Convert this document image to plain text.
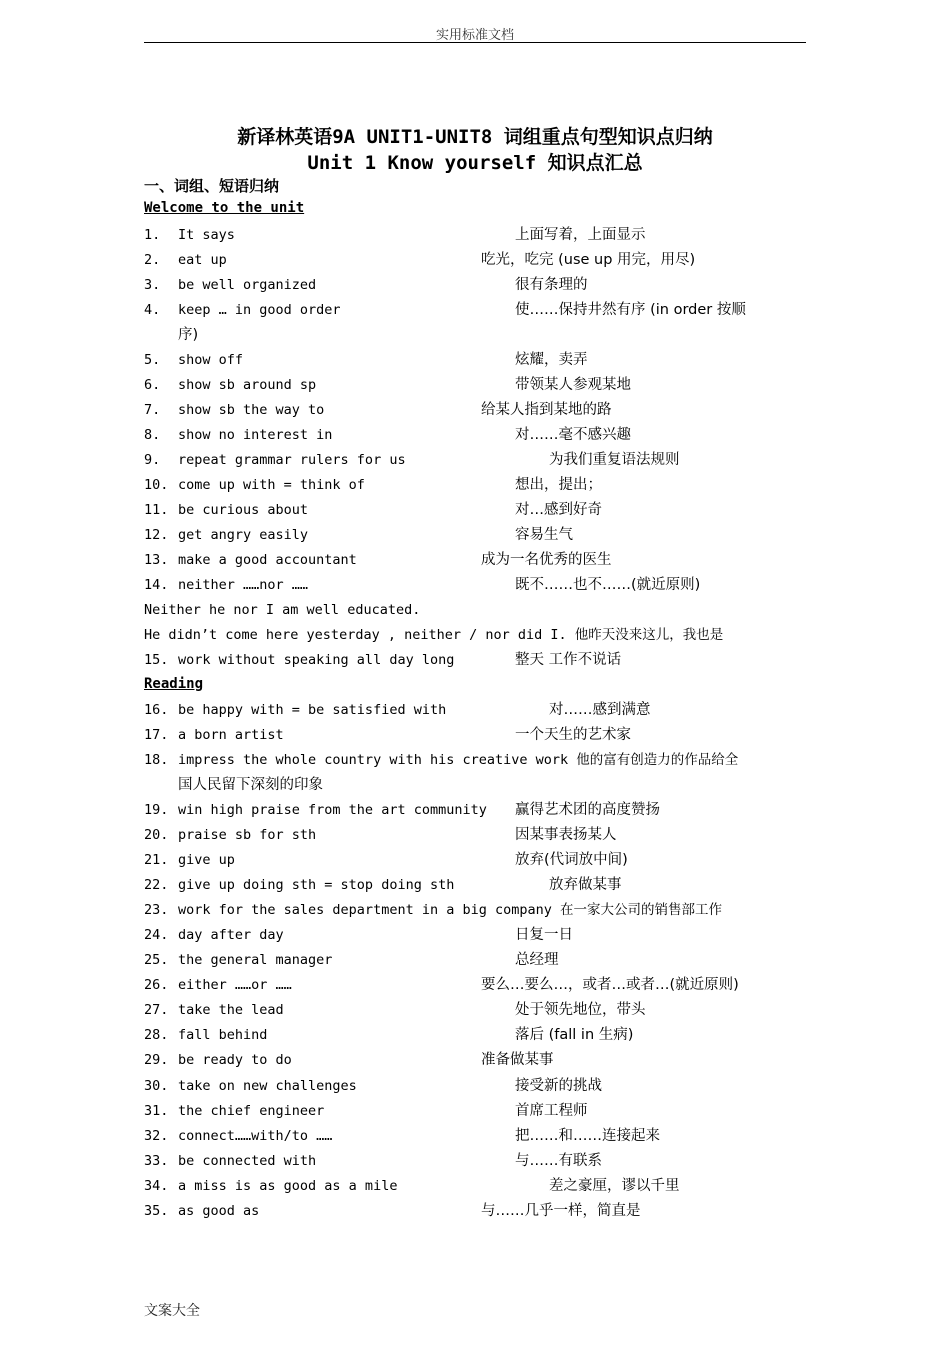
实用标准文档
新译林英语9A UNIT1-UNIT8 词组重点句型知识点归纳
Unit 1 Know yourself 知识点汇总
一、词组、短语归纳
Welcome to the unit
1. It says	上面写着，上面显示
2. eat up	吃光，吃完 (use up 用完，用尽)
3. be well organized	很有条理的
4. keep … in good order	使……保持井然有序 (in order 按顺
序)
5. show off	炫耀，卖弄
6. show sb around sp	带领某人参观某地
7. show sb the way to	给某人指到某地的路
8. show no interest in	对……毫不感兴趣
9. repeat grammar rulers for us	为我们重复语法规则
10. come up with = think of	想出，提出；
11. be curious about	对…感到好奇
12. get angry easily	容易生气
13. make a good accountant	成为一名优秀的医生
14. neither ……nor ……	既不……也不……(就近原则)
Neither he nor I am well educated.
He didn’t come here yesterday , neither / nor did I. 他昨天没来这儿，我也是
15. work without speaking all day long	整天 工作不说话
Reading
16. be happy with = be satisfied with	对……感到满意
17. a born artist	一个天生的艺术家
18. impress the whole country with his creative work 他的富有创造力的作品给全
国人民留下深刻的印象
19. win high praise from the art community 赢得艺术团的高度赞扬
20. praise sb for sth	因某事表扬某人
21. give up	放弃(代词放中间)
22. give up doing sth = stop doing sth	放弃做某事
23. work for the sales department in a big company 在一家大公司的销售部工作
24. day after day	日复一日
25. the general manager	总经理
26. either ……or ……	要么…要么…，或者…或者…(就近原则)
27. take the lead	处于领先地位，带头
28. fall behind	落后 (fall in 生病)
29. be ready to do	准备做某事
30. take on new challenges	接受新的挑战
31. the chief engineer	首席工程师
32. connect……with/to ……	把……和……连接起来
33. be connected with	与……有联系
34. a miss is as good as a mile	差之豪厘，谬以千里
35. as good as	与……几乎一样，简直是
文案大全
